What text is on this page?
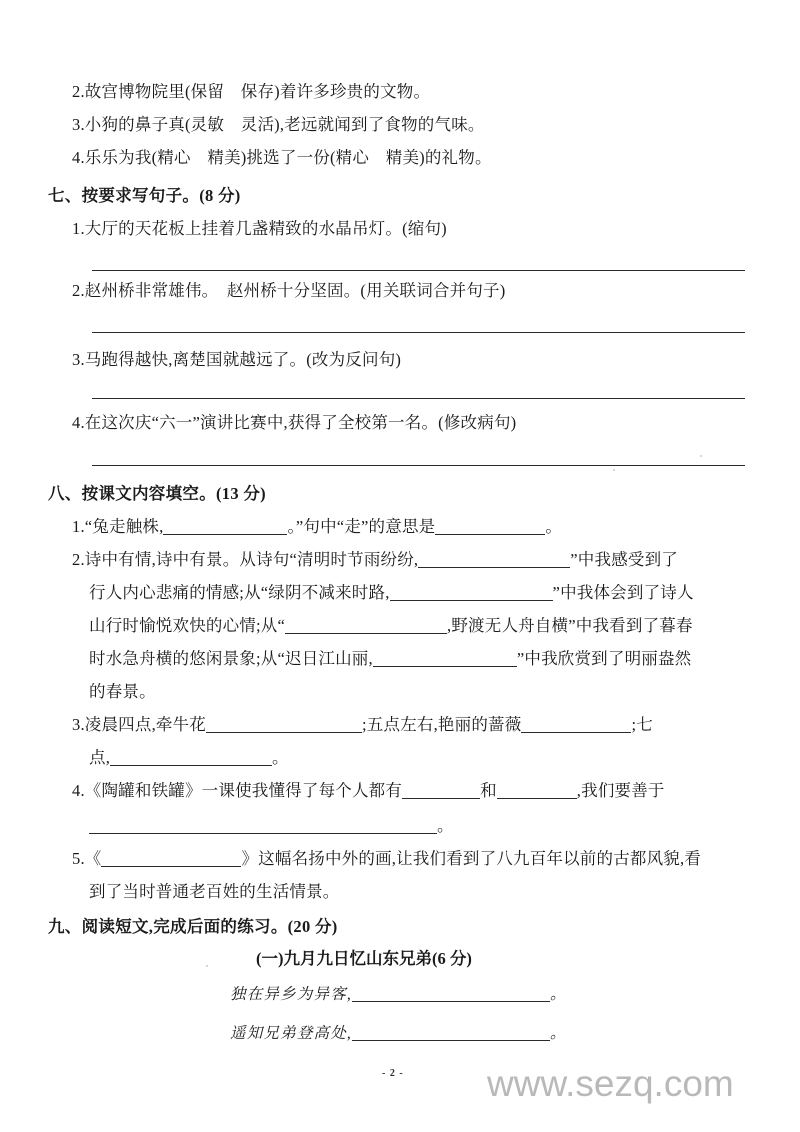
2.故宫博物院里(保留　保存)着许多珍贵的文物。
3.小狗的鼻子真(灵敏　灵活),老远就闻到了食物的气味。
4.乐乐为我(精心　精美)挑选了一份(精心　精美)的礼物。
七、按要求写句子。(8 分)
1.大厅的天花板上挂着几盏精致的水晶吊灯。(缩句)
2.赵州桥非常雄伟。　赵州桥十分坚固。(用关联词合并句子)
3.马跑得越快,离楚国就越远了。(改为反问句)
4.在这次庆“六一”演讲比赛中,获得了全校第一名。(修改病句)
八、按课文内容填空。(13 分)
1.“兔走触株,	。”句中“走”的意思是	。
2.诗中有情,诗中有景。从诗句“清明时节雨纷纷,	”中我感受到了
行人内心悲痛的情感;从“绿阴不减来时路,	”中我体会到了诗人
山行时愉悦欢快的心情;从“	,野渡无人舟自横”中我看到了暮春
时水急舟横的悠闲景象;从“迟日江山丽,	”中我欣赏到了明丽盎然
的春景。
3.凌晨四点,牵牛花	;五点左右,艳丽的蔷薇	;七
点,	。
4.《陶罐和铁罐》一课使我懂得了每个人都有	和	,我们要善于
。
5.《	》这幅名扬中外的画,让我们看到了八九百年以前的古都风貌,看
到了当时普通老百姓的生活情景。
九、阅读短文,完成后面的练习。(20 分)
(一)九月九日忆山东兄弟(6 分)
独在异乡为异客,	。
遥知兄弟登高处,	。
- 2 - www.sezq.com
